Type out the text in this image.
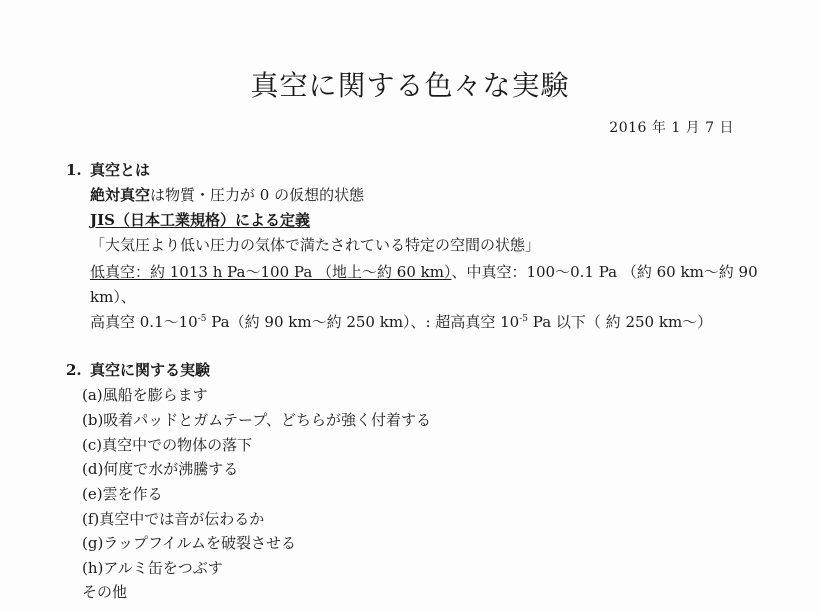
真空に関する色々な実験
2016 年 1 月 7 日
1. 真空とは
絶対真空は物質・圧力が 0 の仮想的状態
JIS（日本工業規格）による定義
「大気圧より低い圧力の気体で満たされている特定の空間の状態」
低真空：約 1013 h Pa～100 Pa （地上～約 60 km）、中真空：100～0.1 Pa （約 60 km～約 90
km）、
高真空 $0.1\sim 10^{-5}$ Pa（約 90 km～約 250 km）、: 超高真空 $10^{-5}$ Pa 以下（ 約 250 km～）
2. 真空に関する実験
(a)風船を膨らます
(b)吸着パッドとガムテープ、どちらが強く付着する
(c)真空中での物体の落下
(d)何度で水が沸騰する
(e)雲を作る
(f)真空中では音が伝わるか
(g)ラップフイルムを破裂させる
(h)アルミ缶をつぶす
その他
